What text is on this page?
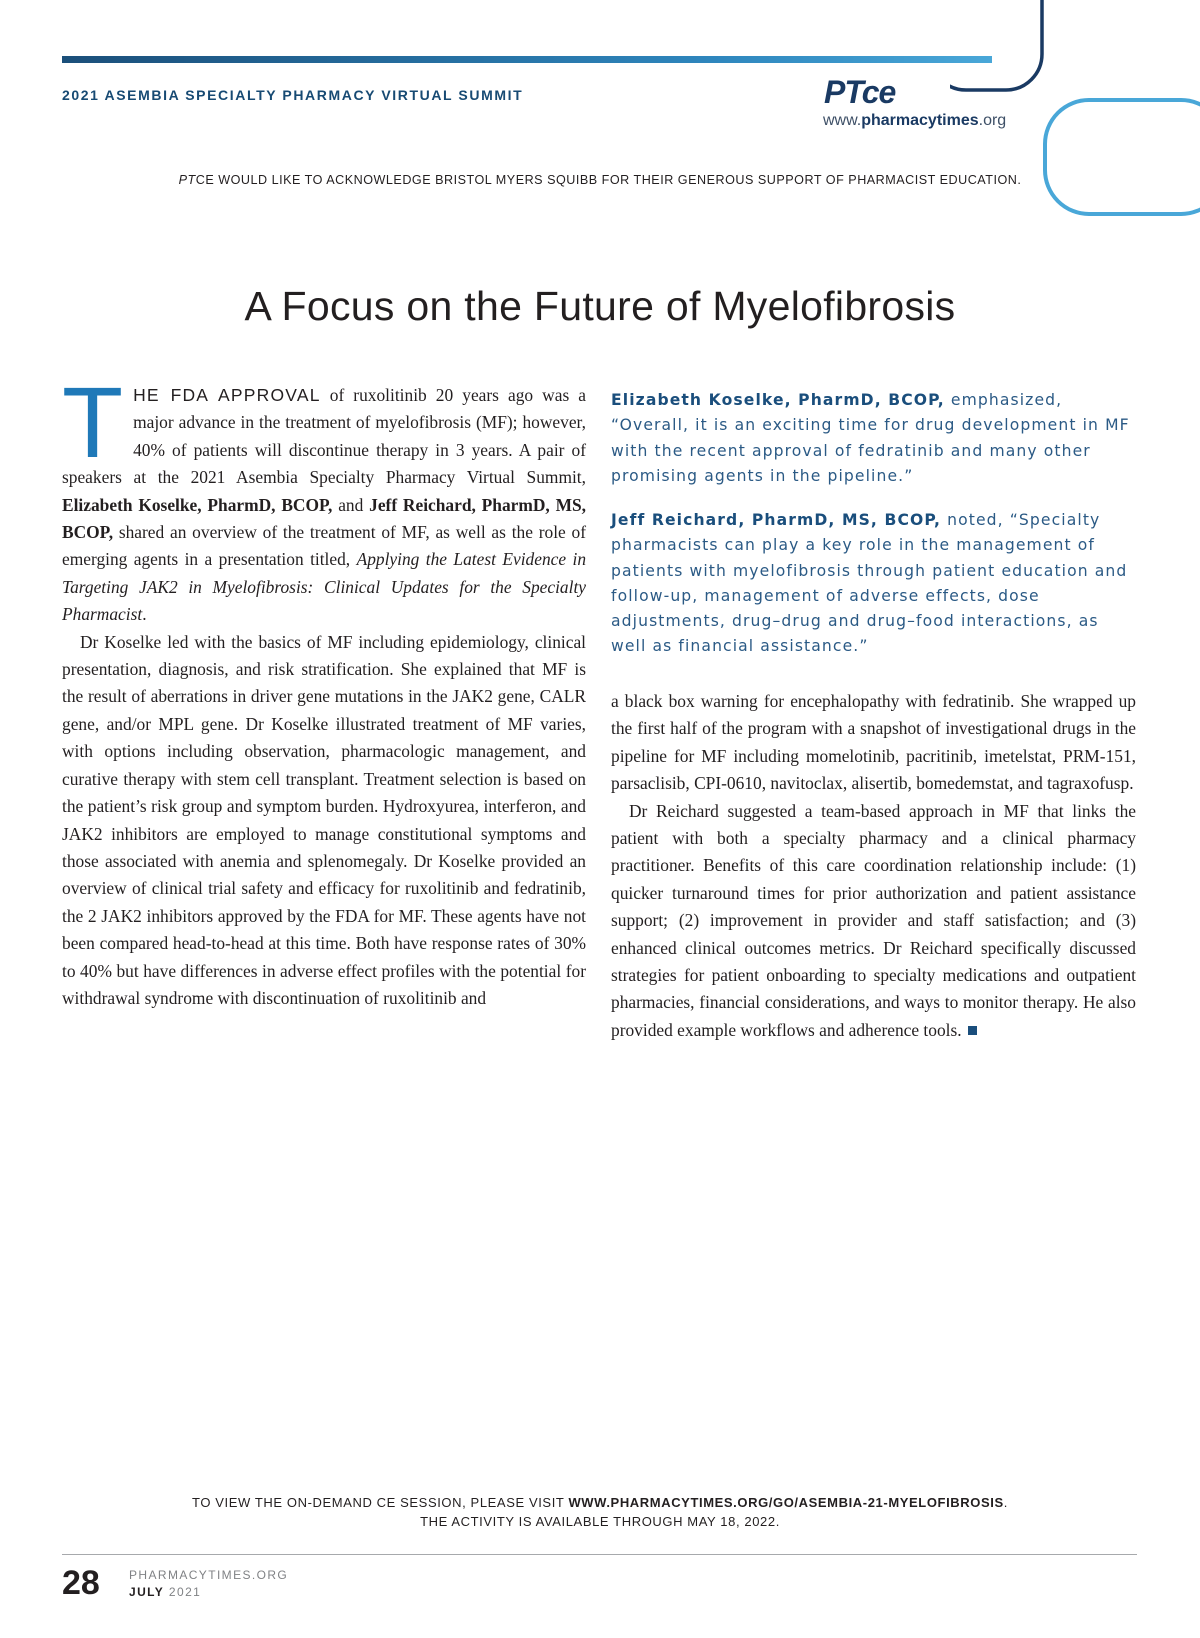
2021 ASEMBIA SPECIALTY PHARMACY VIRTUAL SUMMIT	PTce
www.pharmacytimes.org
PTCE WOULD LIKE TO ACKNOWLEDGE BRISTOL MYERS SQUIBB FOR THEIR GENEROUS SUPPORT OF PHARMACIST EDUCATION.
A Focus on the Future of Myelofibrosis

THE FDA APPROVAL of ruxolitinib 20 years ago was a major advance in the treatment of myelofibrosis (MF); however, 40% of patients will discontinue therapy in 3 years. A pair of speakers at the 2021 Asembia Specialty Pharmacy Virtual Summit, Elizabeth Koselke, PharmD, BCOP, and Jeff Reichard, PharmD, MS, BCOP, shared an overview of the treatment of MF, as well as the role of emerging agents in a presentation titled, Applying the Latest Evidence in Targeting JAK2 in Myelofibrosis: Clinical Updates for the Specialty Pharmacist.

Dr Koselke led with the basics of MF including epidemiology, clinical presentation, diagnosis, and risk stratification. She explained that MF is the result of aberrations in driver gene mutations in the JAK2 gene, CALR gene, and/or MPL gene. Dr Koselke illustrated treatment of MF varies, with options including observation, pharmacologic management, and curative therapy with stem cell transplant. Treatment selection is based on the patient’s risk group and symptom burden. Hydroxyurea, interferon, and JAK2 inhibitors are employed to manage constitutional symptoms and those associated with anemia and splenomegaly. Dr Koselke provided an overview of clinical trial safety and efficacy for ruxolitinib and fedratinib, the 2 JAK2 inhibitors approved by the FDA for MF. These agents have not been compared head-to-head at this time. Both have response rates of 30% to 40% but have differences in adverse effect profiles with the potential for withdrawal syndrome with discontinuation of ruxolitinib and

Elizabeth Koselke, PharmD, BCOP, emphasized, “Overall, it is an exciting time for drug development in MF with the recent approval of fedratinib and many other promising agents in the pipeline.”
Jeff Reichard, PharmD, MS, BCOP, noted, “Specialty pharmacists can play a key role in the management of patients with myelofibrosis through patient education and follow-up, management of adverse effects, dose adjustments, drug–drug and drug–food interactions, as well as financial assistance.”

a black box warning for encephalopathy with fedratinib. She wrapped up the first half of the program with a snapshot of investigational drugs in the pipeline for MF including momelotinib, pacritinib, imetelstat, PRM-151, parsaclisib, CPI-0610, navitoclax, alisertib, bomedemstat, and tagraxofusp.

Dr Reichard suggested a team-based approach in MF that links the patient with both a specialty pharmacy and a clinical pharmacy practitioner. Benefits of this care coordination relationship include: (1) quicker turnaround times for prior authorization and patient assistance support; (2) improvement in provider and staff satisfaction; and (3) enhanced clinical outcomes metrics. Dr Reichard specifically discussed strategies for patient onboarding to specialty medications and outpatient pharmacies, financial considerations, and ways to monitor therapy. He also provided example workflows and adherence tools.

TO VIEW THE ON-DEMAND CE SESSION, PLEASE VISIT WWW.PHARMACYTIMES.ORG/GO/ASEMBIA-21-MYELOFIBROSIS.
THE ACTIVITY IS AVAILABLE THROUGH MAY 18, 2022.
28 PHARMACYTIMES.ORG
JULY 2021
